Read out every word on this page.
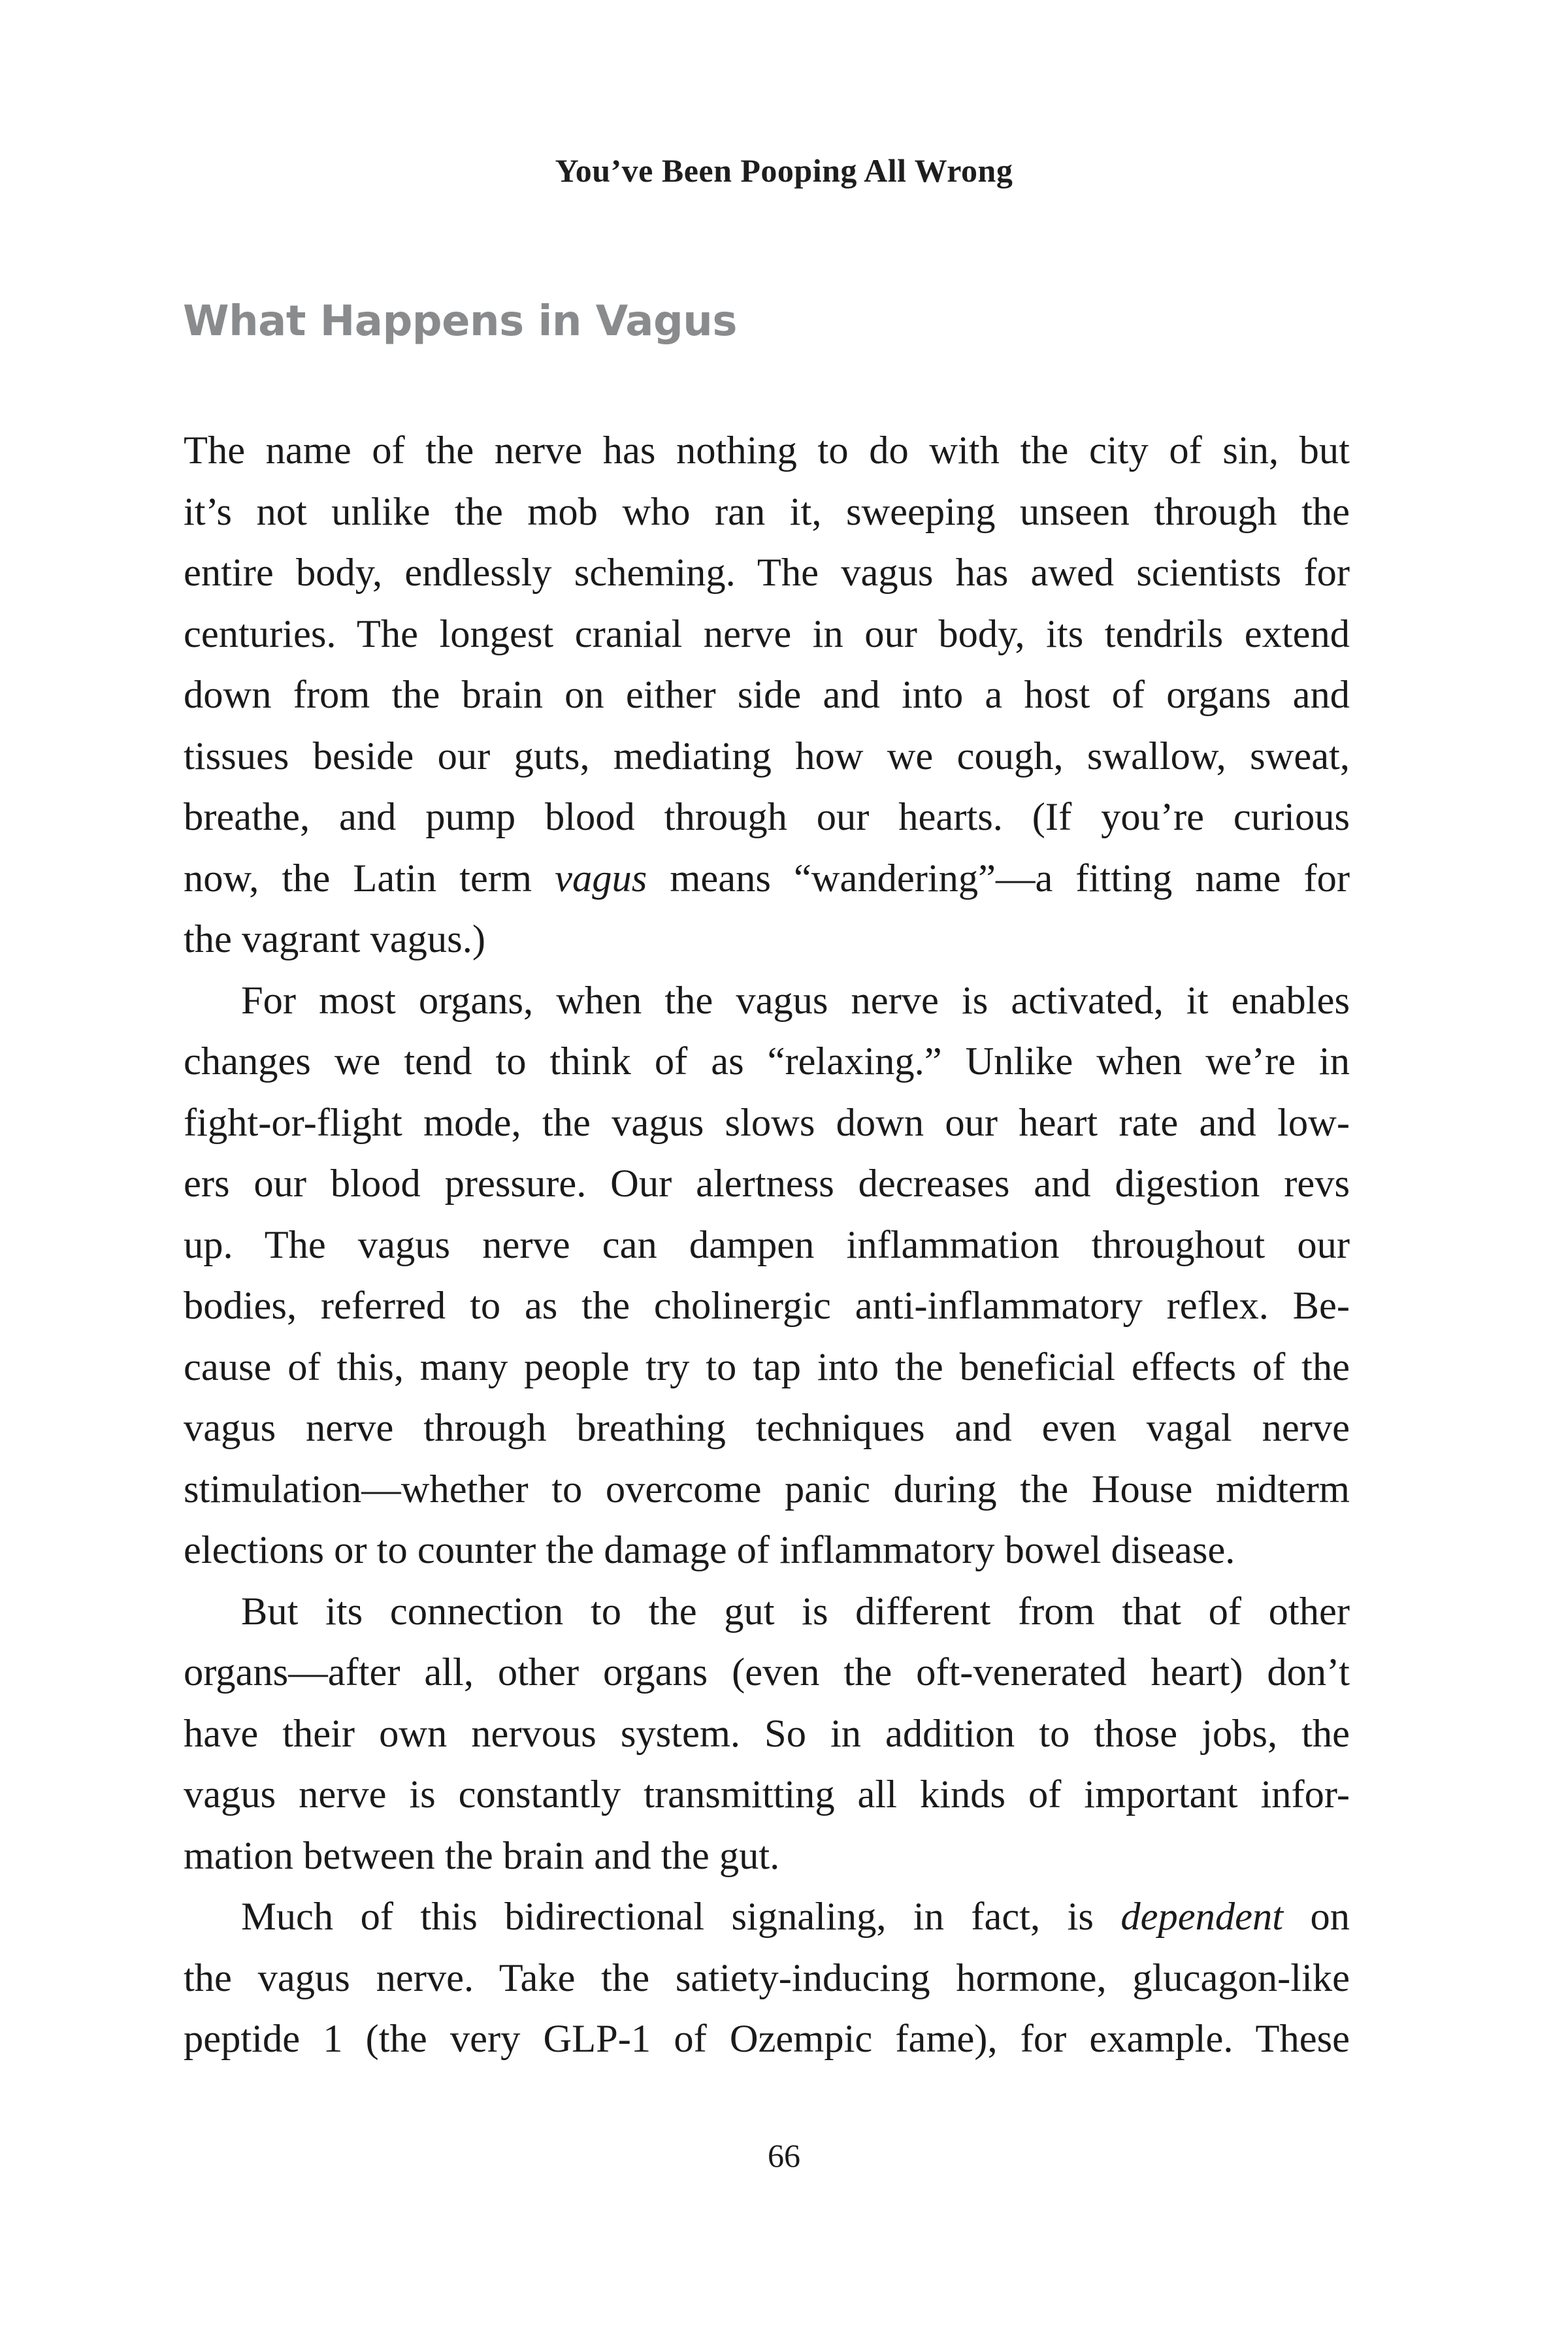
You’ve Been Pooping All Wrong
What Happens in Vagus
The name of the nerve has nothing to do with the city of sin, but
it’s not unlike the mob who ran it, sweeping unseen through the
entire body, endlessly scheming. The vagus has awed scientists for
centuries. The longest cranial nerve in our body, its tendrils extend
down from the brain on either side and into a host of organs and
tissues beside our guts, mediating how we cough, swallow, sweat,
breathe, and pump blood through our hearts. (If you’re curious
now, the Latin term vagus means “wandering”—a fitting name for
the vagrant vagus.)
For most organs, when the vagus nerve is activated, it enables
changes we tend to think of as “relaxing.” Unlike when we’re in
fight-or-flight mode, the vagus slows down our heart rate and low-
ers our blood pressure. Our alertness decreases and digestion revs
up. The vagus nerve can dampen inflammation throughout our
bodies, referred to as the cholinergic anti-inflammatory reflex. Be-
cause of this, many people try to tap into the beneficial effects of the
vagus nerve through breathing techniques and even vagal nerve
stimulation—whether to overcome panic during the House midterm
elections or to counter the damage of inflammatory bowel disease.
But its connection to the gut is different from that of other
organs—after all, other organs (even the oft-venerated heart) don’t
have their own nervous system. So in addition to those jobs, the
vagus nerve is constantly transmitting all kinds of important infor-
mation between the brain and the gut.
Much of this bidirectional signaling, in fact, is dependent on
the vagus nerve. Take the satiety-inducing hormone, glucagon-like
peptide 1 (the very GLP-1 of Ozempic fame), for example. These
66
